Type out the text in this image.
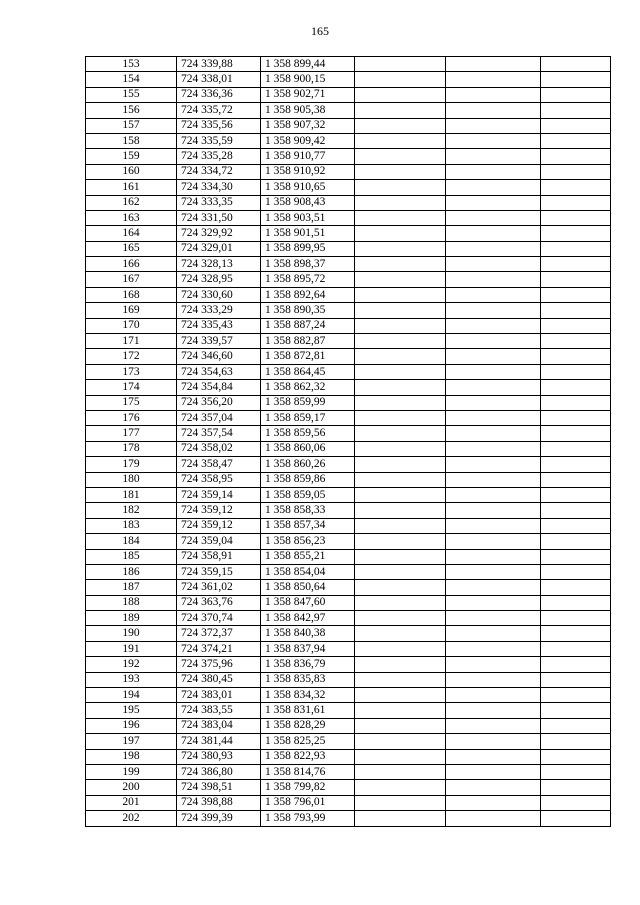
165
153	724 339,88	1 358 899,44			
154	724 338,01	1 358 900,15			
155	724 336,36	1 358 902,71			
156	724 335,72	1 358 905,38			
157	724 335,56	1 358 907,32			
158	724 335,59	1 358 909,42			
159	724 335,28	1 358 910,77			
160	724 334,72	1 358 910,92			
161	724 334,30	1 358 910,65			
162	724 333,35	1 358 908,43			
163	724 331,50	1 358 903,51			
164	724 329,92	1 358 901,51			
165	724 329,01	1 358 899,95			
166	724 328,13	1 358 898,37			
167	724 328,95	1 358 895,72			
168	724 330,60	1 358 892,64			
169	724 333,29	1 358 890,35			
170	724 335,43	1 358 887,24			
171	724 339,57	1 358 882,87			
172	724 346,60	1 358 872,81			
173	724 354,63	1 358 864,45			
174	724 354,84	1 358 862,32			
175	724 356,20	1 358 859,99			
176	724 357,04	1 358 859,17			
177	724 357,54	1 358 859,56			
178	724 358,02	1 358 860,06			
179	724 358,47	1 358 860,26			
180	724 358,95	1 358 859,86			
181	724 359,14	1 358 859,05			
182	724 359,12	1 358 858,33			
183	724 359,12	1 358 857,34			
184	724 359,04	1 358 856,23			
185	724 358,91	1 358 855,21			
186	724 359,15	1 358 854,04			
187	724 361,02	1 358 850,64			
188	724 363,76	1 358 847,60			
189	724 370,74	1 358 842,97			
190	724 372,37	1 358 840,38			
191	724 374,21	1 358 837,94			
192	724 375,96	1 358 836,79			
193	724 380,45	1 358 835,83			
194	724 383,01	1 358 834,32			
195	724 383,55	1 358 831,61			
196	724 383,04	1 358 828,29			
197	724 381,44	1 358 825,25			
198	724 380,93	1 358 822,93			
199	724 386,80	1 358 814,76			
200	724 398,51	1 358 799,82			
201	724 398,88	1 358 796,01			
202	724 399,39	1 358 793,99			
